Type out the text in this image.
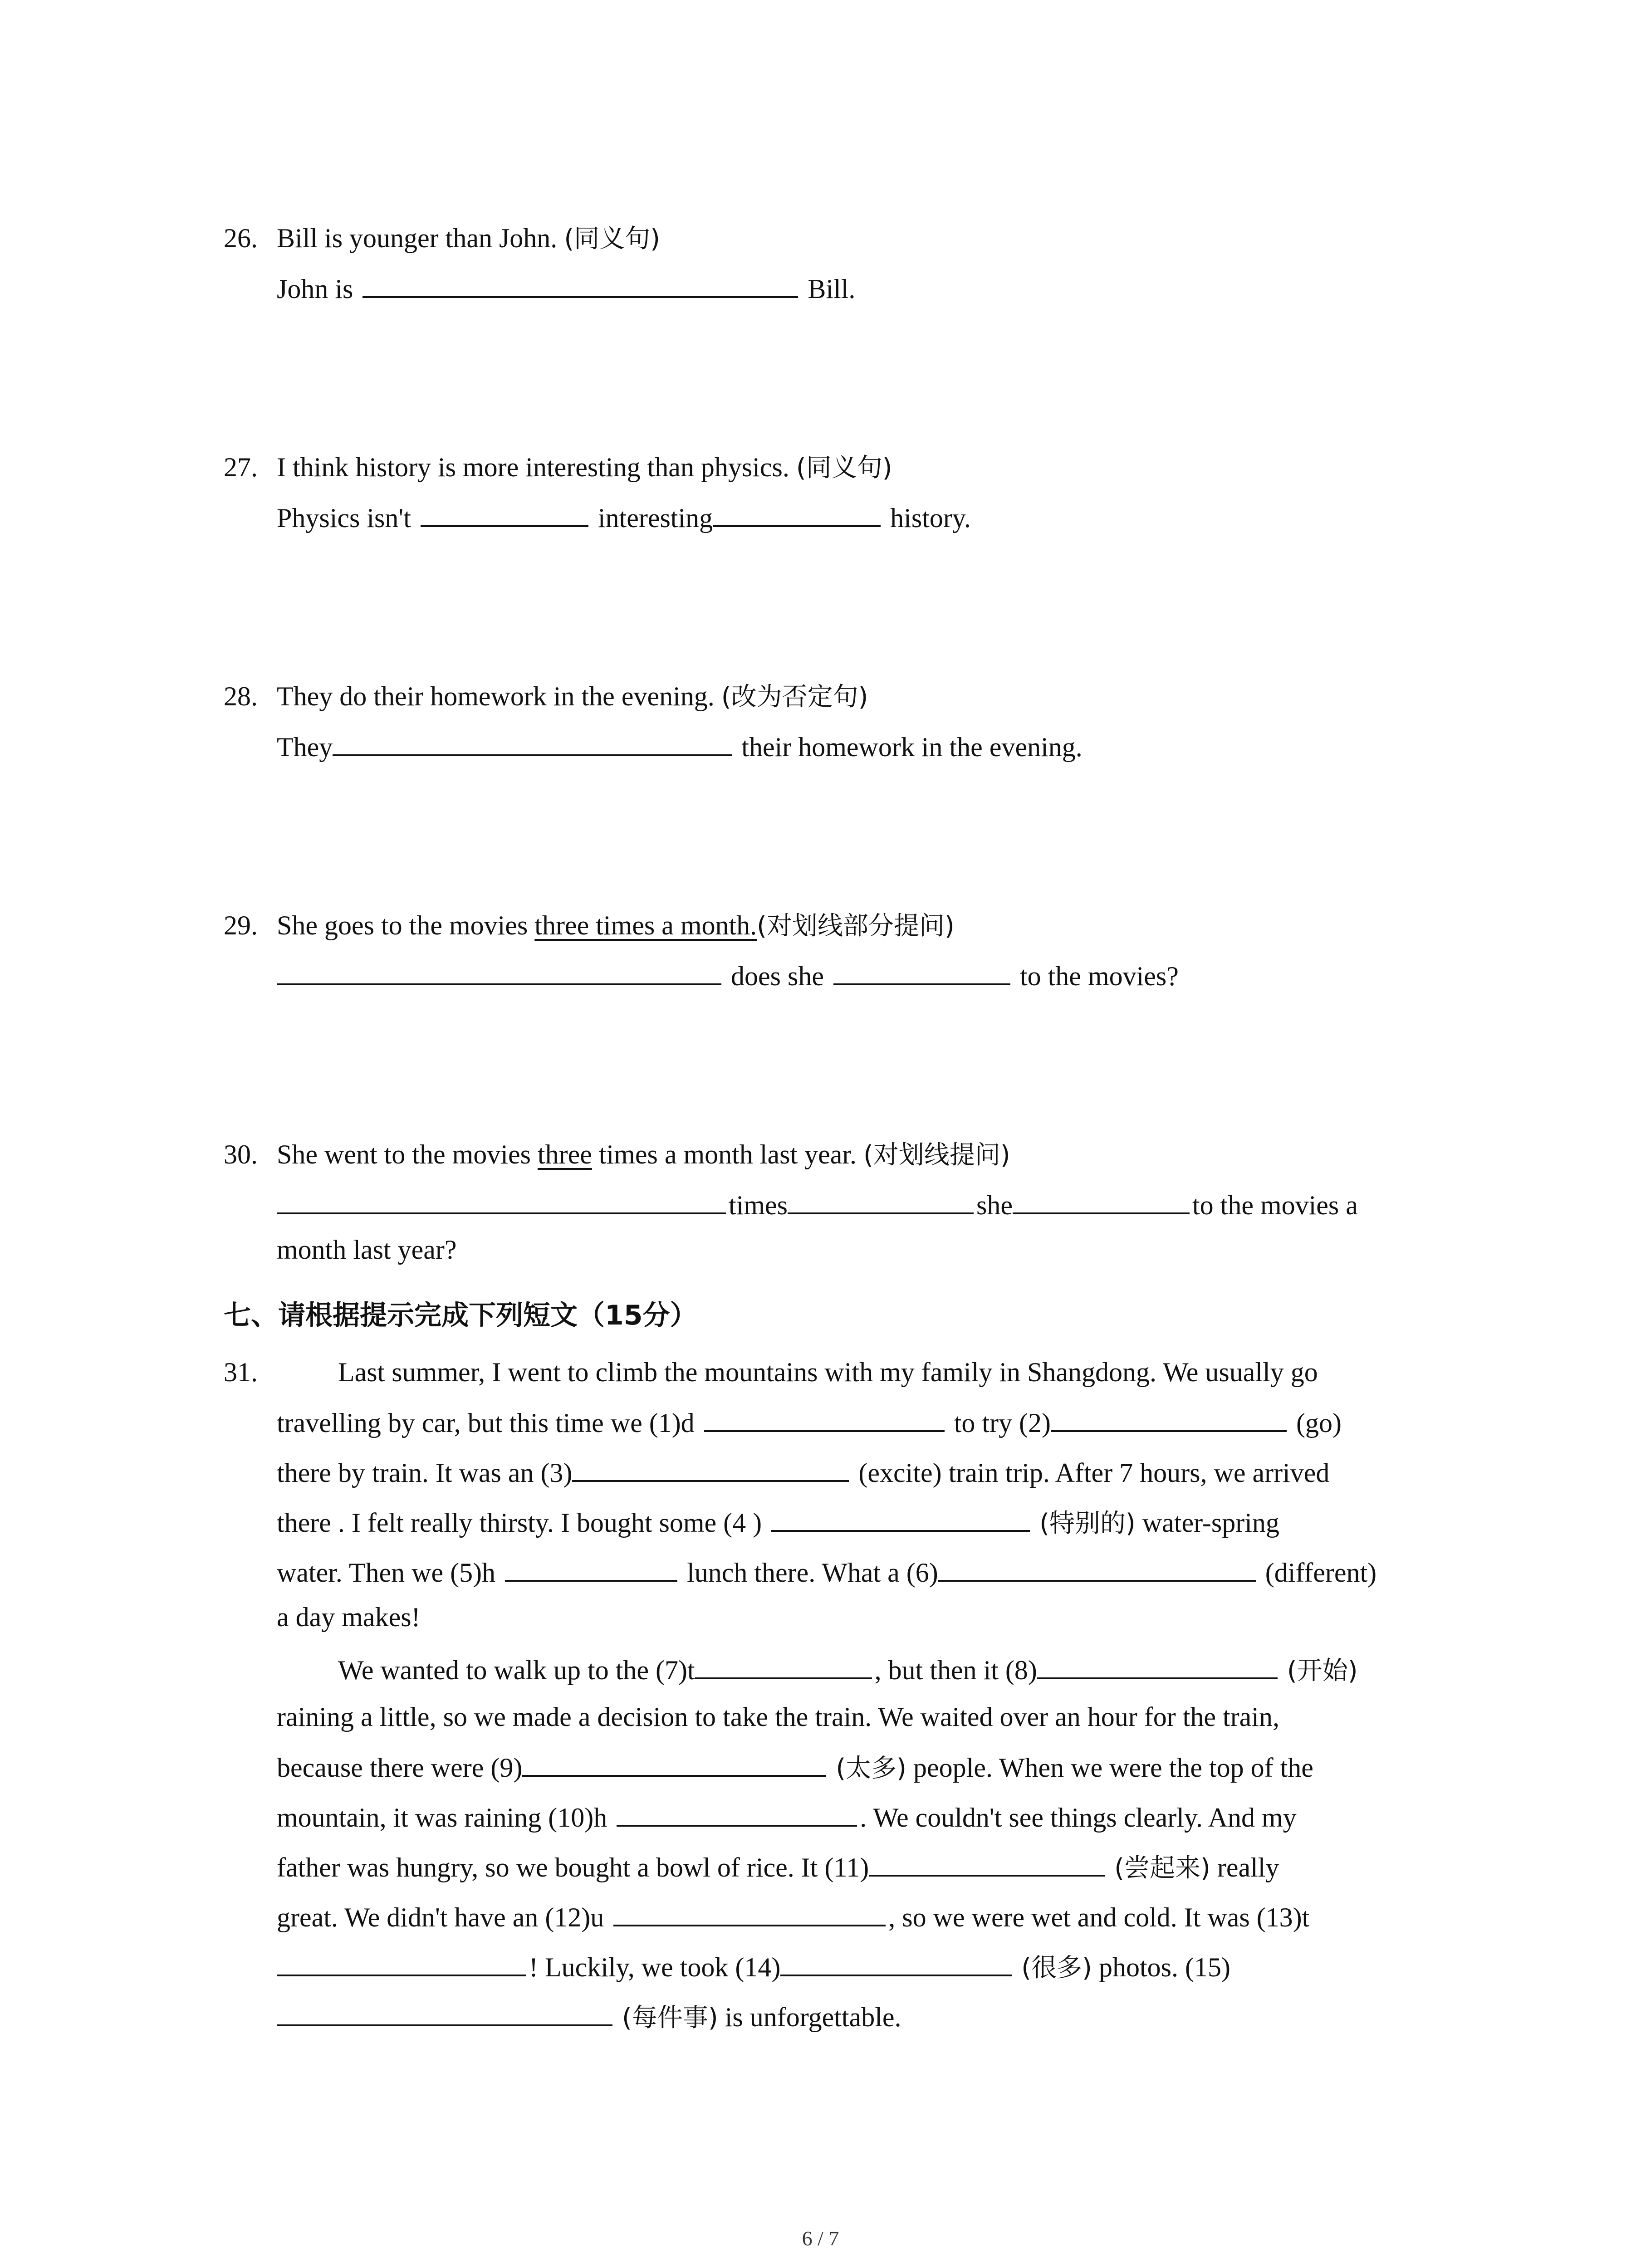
26. Bill is younger than John. (同义句)
John is	Bill.
27. I think history is more interesting than physics. (同义句)
Physics isn't	interesting	history.
28. They do their homework in the evening. (改为否定句)
They	their homework in the evening.
29. She goes to the movies three times a month.(对划线部分提问)
does she	to the movies?
30. She went to the movies three times a month last year. (对划线提问)
times	she	to the movies a
month last year?
七、请根据提示完成下列短文（15分）
31.	Last summer, I went to climb the mountains with my family in Shangdong. We usually go
travelling by car, but this time we (1)d	to try (2)	(go)
there by train. It was an (3)	(excite) train trip. After 7 hours, we arrived
there . I felt really thirsty. I bought some (4 )	(特别的) water-spring
water. Then we (5)h	lunch there. What a (6)	(different)
a day makes!
We wanted to walk up to the (7)t	, but then it (8)	(开始)
raining a little, so we made a decision to take the train. We waited over an hour for the train,
because there were (9)	(太多) people. When we were the top of the
mountain, it was raining (10)h	. We couldn't see things clearly. And my
father was hungry, so we bought a bowl of rice. It (11)	(尝起来) really
great. We didn't have an (12)u	, so we were wet and cold. It was (13)t
! Luckily, we took (14)	(很多) photos. (15)
(每件事) is unforgettable.
6 / 7
